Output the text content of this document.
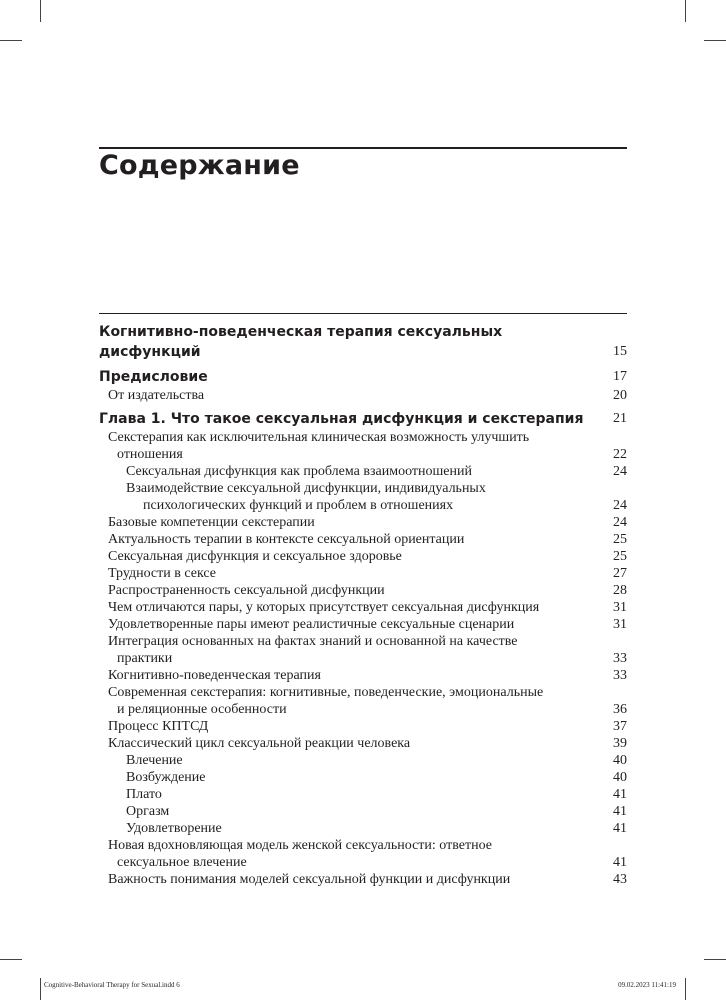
Содержание
Когнитивно-поведенческая терапия сексуальных дисфункций	15
Предисловие	17
От издательства	20
Глава 1. Что такое сексуальная дисфункция и секстерапия	21
Секстерапия как исключительная клиническая возможность улучшить
отношения	22
Сексуальная дисфункция как проблема взаимоотношений	24
Взаимодействие сексуальной дисфункции, индивидуальных
психологических функций и проблем в отношениях	24
Базовые компетенции секстерапии	24
Актуальность терапии в контексте сексуальной ориентации	25
Сексуальная дисфункция и сексуальное здоровье	25
Трудности в сексе	27
Распространенность сексуальной дисфункции	28
Чем отличаются пары, у которых присутствует сексуальная дисфункция	31
Удовлетворенные пары имеют реалистичные сексуальные сценарии	31
Интеграция основанных на фактах знаний и основанной на качестве
практики	33
Когнитивно-поведенческая терапия	33
Современная секстерапия: когнитивные, поведенческие, эмоциональные
и реляционные особенности	36
Процесс КПТСД	37
Классический цикл сексуальной реакции человека	39
Влечение	40
Возбуждение	40
Плато	41
Оргазм	41
Удовлетворение	41
Новая вдохновляющая модель женской сексуальности: ответное
сексуальное влечение	41
Важность понимания моделей сексуальной функции и дисфункции	43
Cognitive-Behavioral Therapy for Sexual.indd 6	09.02.2023 11:41:19
